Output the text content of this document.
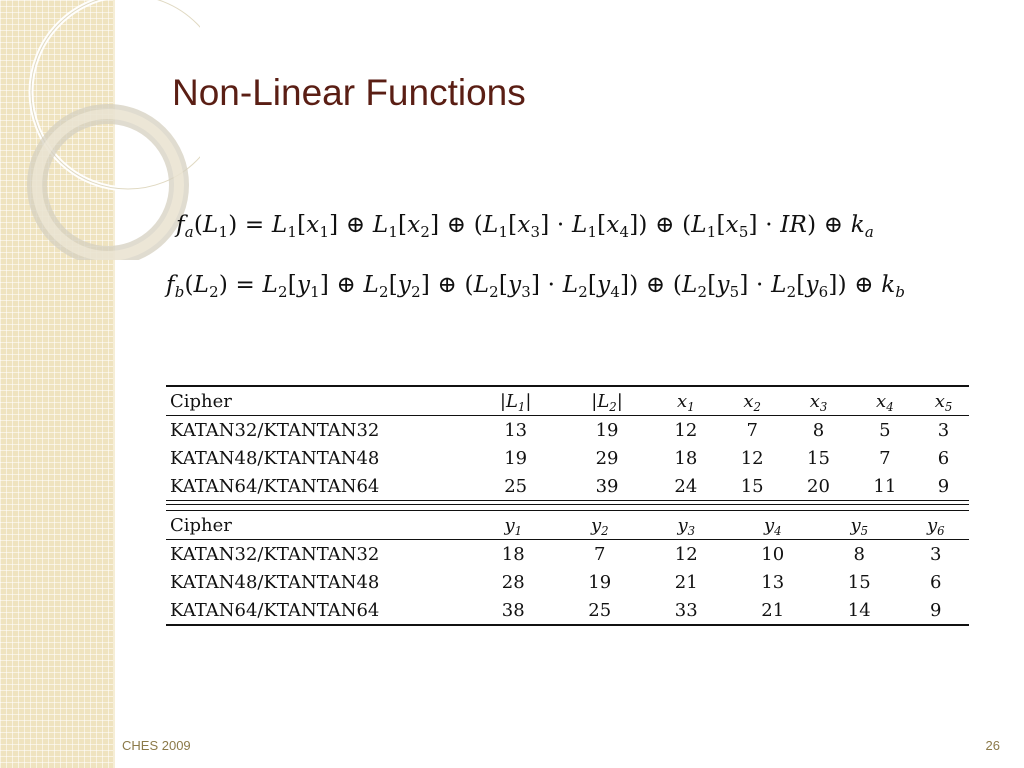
Non-Linear Functions
$f_a(L_1) = L_1[x_1]$ ⊕ $L_1[x_2]$ ⊕ $(L_1[x_3] \cdot L_1[x_4])$ ⊕ $(L_1[x_5] \cdot IR)$ ⊕ $k_a$
$f_b(L_2) = L_2[y_1]$ ⊕ $L_2[y_2]$ ⊕ $(L_2[y_3] \cdot L_2[y_4])$ ⊕ $(L_2[y_5] \cdot L_2[y_6])$ ⊕ $k_b$
Cipher	$|L_1|$	$|L_2|$	$x_1$	$x_2$	$x_3$	$x_4$	$x_5$
KATAN32/KTANTAN32	13	19	12	7	8	5	3
KATAN48/KTANTAN48	19	29	18	12	15	7	6
KATAN64/KTANTAN64	25	39	24	15	20	11	9
Cipher	$y_1$	$y_2$	$y_3$	$y_4$	$y_5$	$y_6$
KATAN32/KTANTAN32	18	7	12	10	8	3
KATAN48/KTANTAN48	28	19	21	13	15	6
KATAN64/KTANTAN64	38	25	33	21	14	9
CHES 2009	26
